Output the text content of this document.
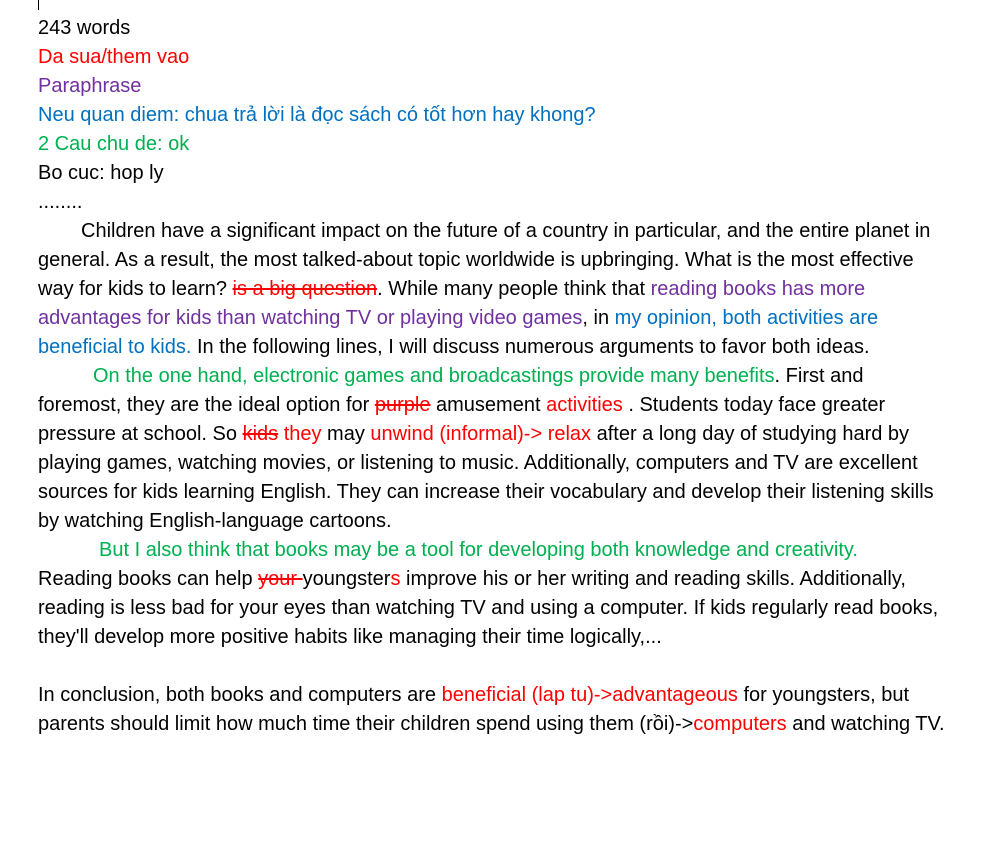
243 words
Da sua/them vao
Paraphrase
Neu quan diem: chua trả lời là đọc sách có tốt hơn hay khong?
2 Cau chu de: ok
Bo cuc: hop ly
........

Children have a significant impact on the future of a country in particular, and the entire planet in general. As a result, the most talked-about topic worldwide is upbringing. What is the most effective way for kids to learn? is a big question. While many people think that reading books has more advantages for kids than watching TV or playing video games, in my opinion, both activities are beneficial to kids. In the following lines, I will discuss numerous arguments to favor both ideas.

On the one hand, electronic games and broadcastings provide many benefits. First and foremost, they are the ideal option for purple amusement activities . Students today face greater pressure at school. So kids they may unwind (informal)-> relax after a long day of studying hard by playing games, watching movies, or listening to music. Additionally, computers and TV are excellent sources for kids learning English. They can increase their vocabulary and develop their listening skills by watching English-language cartoons.

But I also think that books may be a tool for developing both knowledge and creativity.
Reading books can help your youngsters improve his or her writing and reading skills. Additionally, reading is less bad for your eyes than watching TV and using a computer. If kids regularly read books, they'll develop more positive habits like managing their time logically,...

In conclusion, both books and computers are beneficial (lap tu)->advantageous for youngsters, but parents should limit how much time their children spend using them (rồi)->computers and watching TV.
